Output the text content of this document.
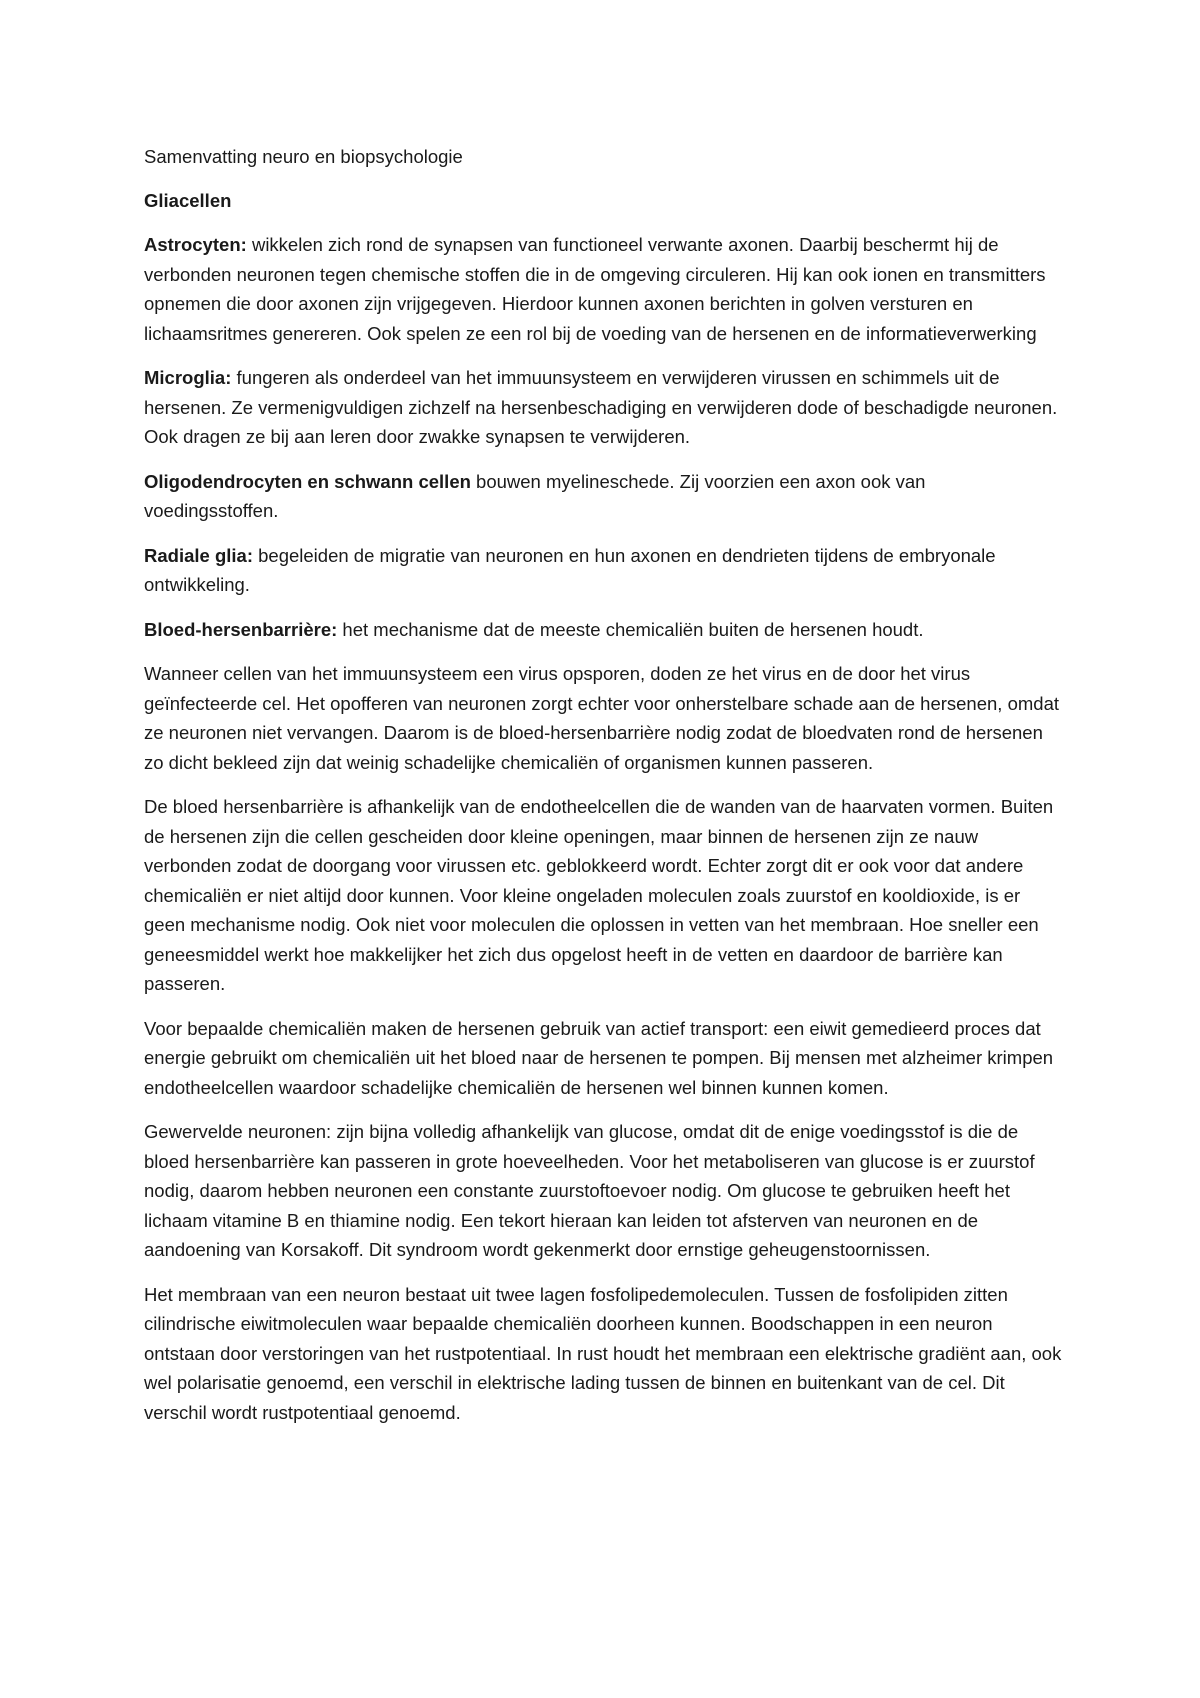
Samenvatting neuro en biopsychologie

Gliacellen

Astrocyten: wikkelen zich rond de synapsen van functioneel verwante axonen. Daarbij beschermt hij de verbonden neuronen tegen chemische stoffen die in de omgeving circuleren. Hij kan ook ionen en transmitters opnemen die door axonen zijn vrijgegeven. Hierdoor kunnen axonen berichten in golven versturen en lichaamsritmes genereren. Ook spelen ze een rol bij de voeding van de hersenen en de informatieverwerking

Microglia: fungeren als onderdeel van het immuunsysteem en verwijderen virussen en schimmels uit de hersenen. Ze vermenigvuldigen zichzelf na hersenbeschadiging en verwijderen dode of beschadigde neuronen. Ook dragen ze bij aan leren door zwakke synapsen te verwijderen.

Oligodendrocyten en schwann cellen bouwen myelineschede. Zij voorzien een axon ook van voedingsstoffen.

Radiale glia: begeleiden de migratie van neuronen en hun axonen en dendrieten tijdens de embryonale ontwikkeling.

Bloed-hersenbarrière: het mechanisme dat de meeste chemicaliën buiten de hersenen houdt.

Wanneer cellen van het immuunsysteem een virus opsporen, doden ze het virus en de door het virus geïnfecteerde cel. Het opofferen van neuronen zorgt echter voor onherstelbare schade aan de hersenen, omdat ze neuronen niet vervangen. Daarom is de bloed-hersenbarrière nodig zodat de bloedvaten rond de hersenen zo dicht bekleed zijn dat weinig schadelijke chemicaliën of organismen kunnen passeren.

De bloed hersenbarrière is afhankelijk van de endotheelcellen die de wanden van de haarvaten vormen. Buiten de hersenen zijn die cellen gescheiden door kleine openingen, maar binnen de hersenen zijn ze nauw verbonden zodat de doorgang voor virussen etc. geblokkeerd wordt. Echter zorgt dit er ook voor dat andere chemicaliën er niet altijd door kunnen. Voor kleine ongeladen moleculen zoals zuurstof en kooldioxide, is er geen mechanisme nodig. Ook niet voor moleculen die oplossen in vetten van het membraan. Hoe sneller een geneesmiddel werkt hoe makkelijker het zich dus opgelost heeft in de vetten en daardoor de barrière kan passeren.

Voor bepaalde chemicaliën maken de hersenen gebruik van actief transport: een eiwit gemedieerd proces dat energie gebruikt om chemicaliën uit het bloed naar de hersenen te pompen. Bij mensen met alzheimer krimpen endotheelcellen waardoor schadelijke chemicaliën de hersenen wel binnen kunnen komen.

Gewervelde neuronen: zijn bijna volledig afhankelijk van glucose, omdat dit de enige voedingsstof is die de bloed hersenbarrière kan passeren in grote hoeveelheden. Voor het metaboliseren van glucose is er zuurstof nodig, daarom hebben neuronen een constante zuurstoftoevoer nodig. Om glucose te gebruiken heeft het lichaam vitamine B en thiamine nodig. Een tekort hieraan kan leiden tot afsterven van neuronen en de aandoening van Korsakoff. Dit syndroom wordt gekenmerkt door ernstige geheugenstoornissen.

Het membraan van een neuron bestaat uit twee lagen fosfolipedemoleculen. Tussen de fosfolipiden zitten cilindrische eiwitmoleculen waar bepaalde chemicaliën doorheen kunnen. Boodschappen in een neuron ontstaan door verstoringen van het rustpotentiaal. In rust houdt het membraan een elektrische gradiënt aan, ook wel polarisatie genoemd, een verschil in elektrische lading tussen de binnen en buitenkant van de cel. Dit verschil wordt rustpotentiaal genoemd.
